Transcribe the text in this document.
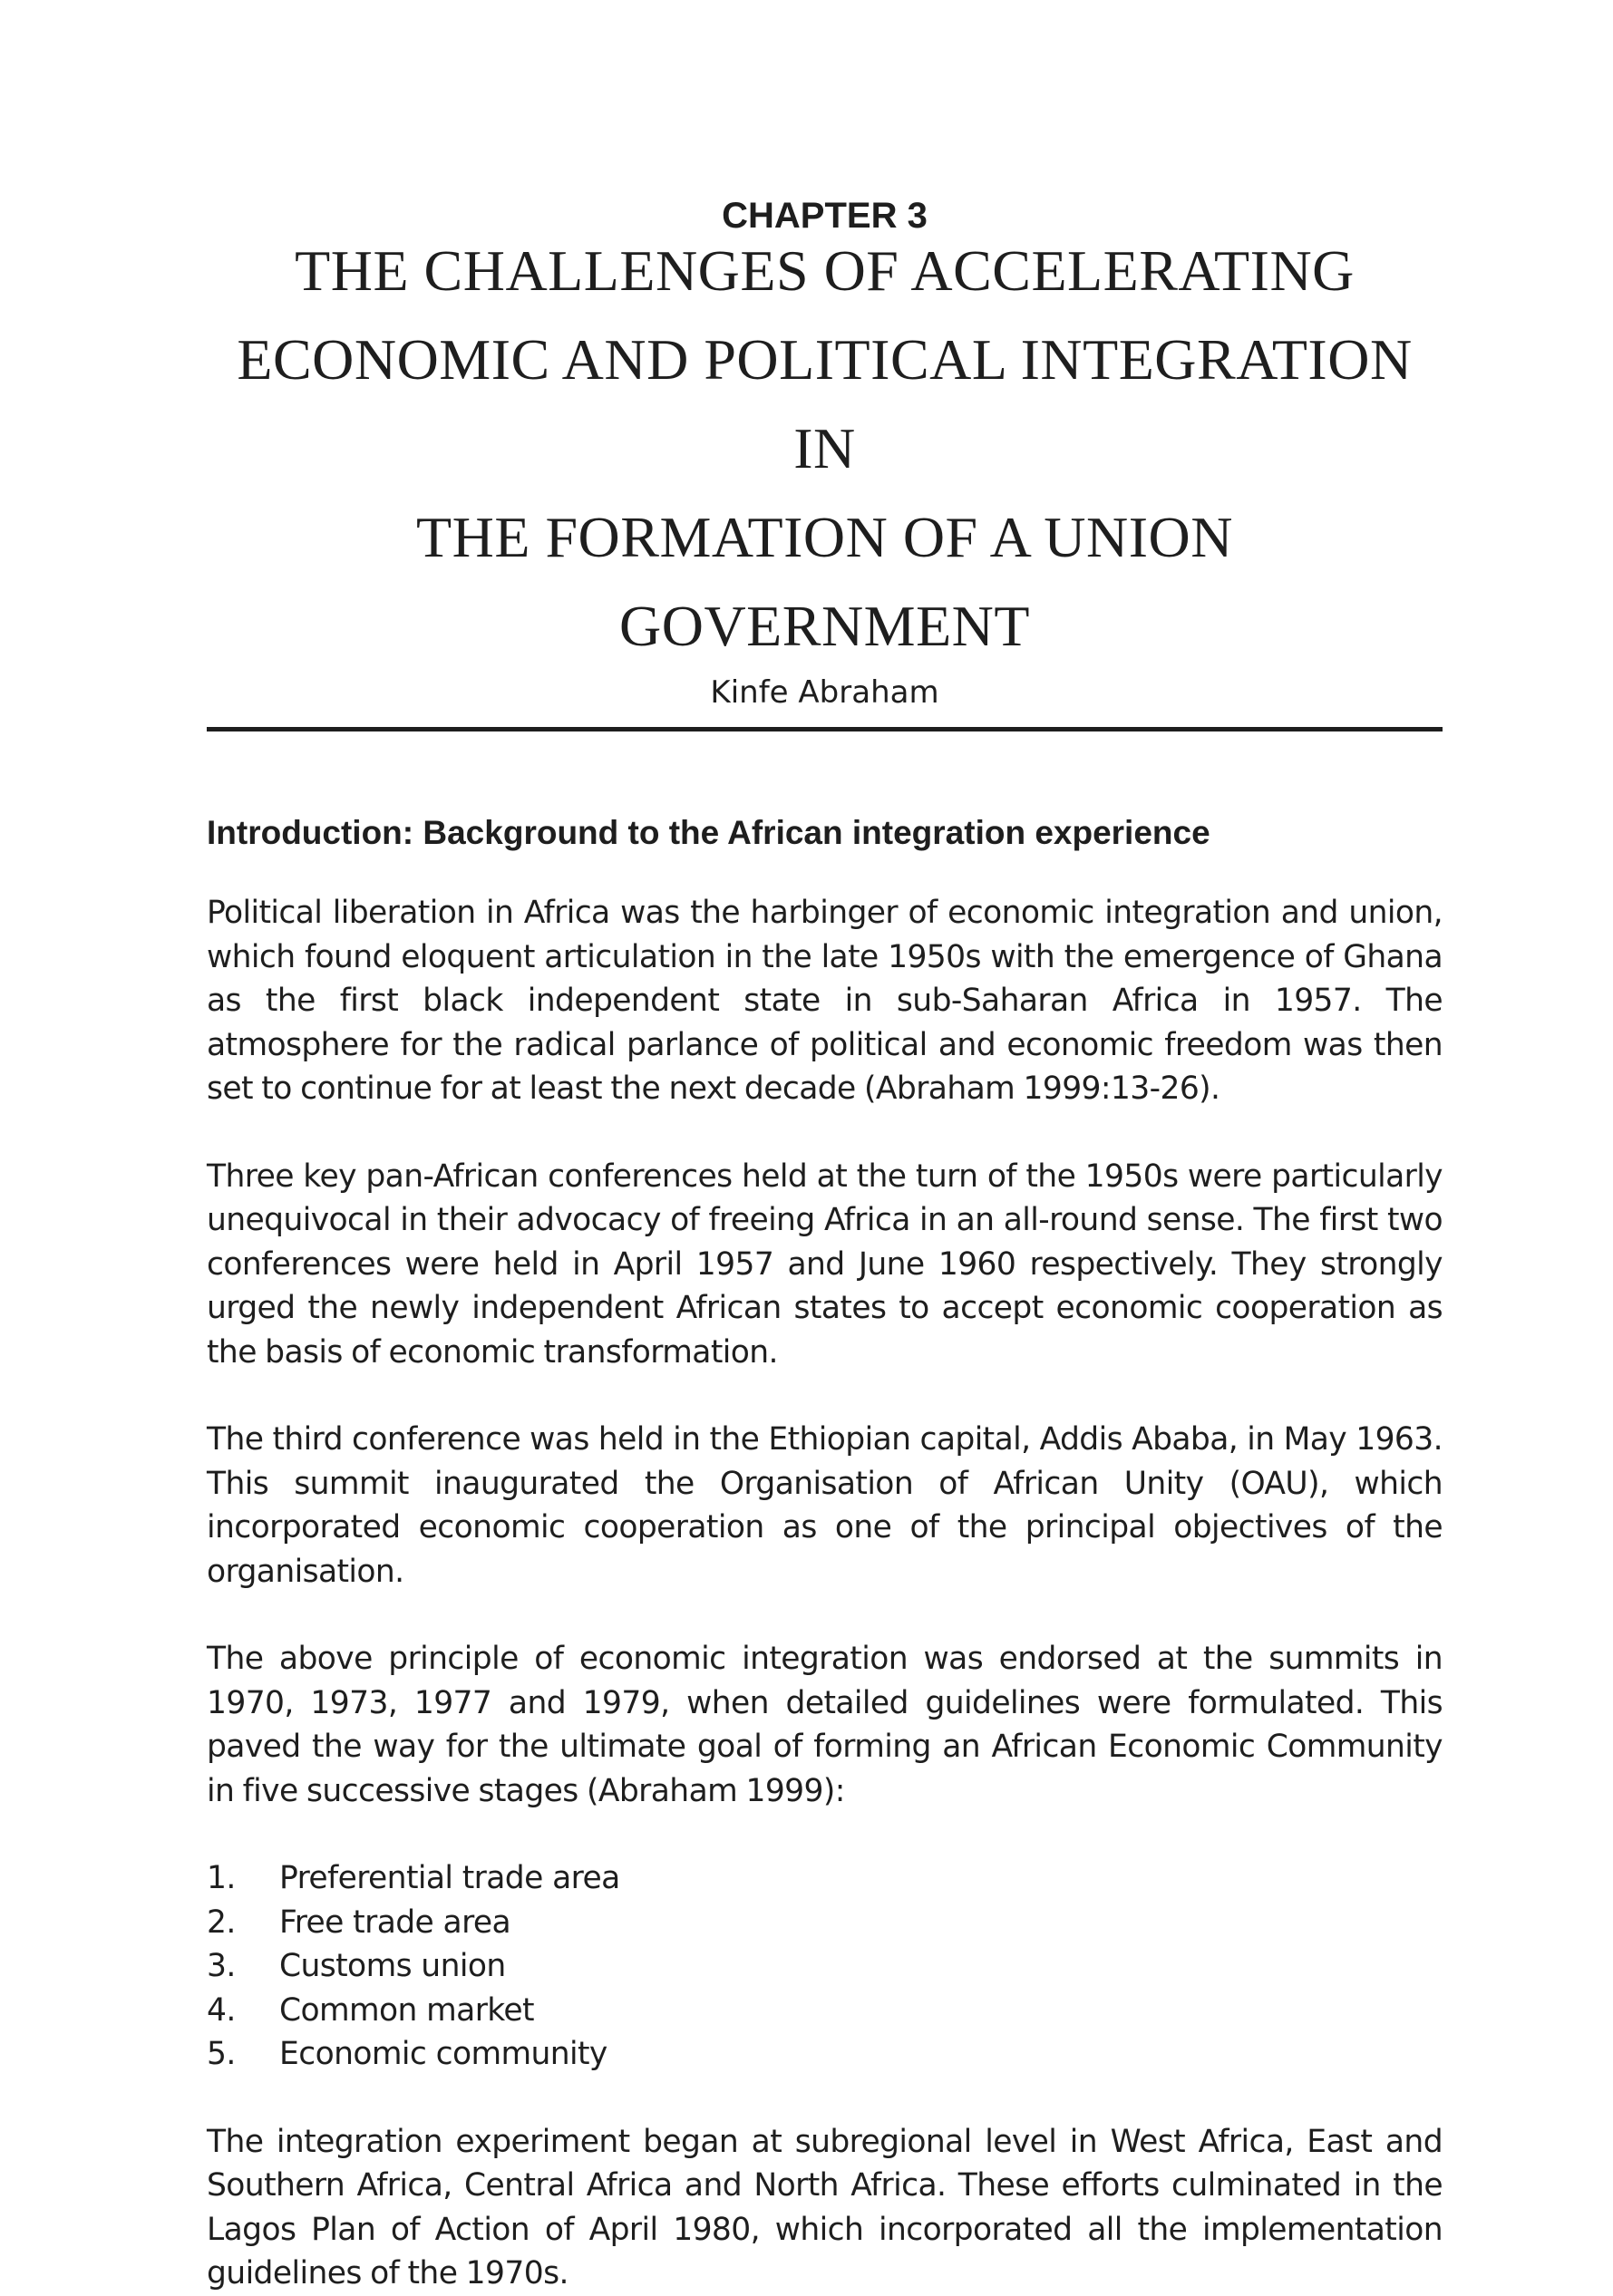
CHAPTER 3

THE CHALLENGES OF ACCELERATING
ECONOMIC AND POLITICAL INTEGRATION IN
THE FORMATION OF A UNION GOVERNMENT

Kinfe Abraham

Introduction: Background to the African integration experience

Political liberation in Africa was the harbinger of economic integration and union, which found eloquent articulation in the late 1950s with the emergence of Ghana as the first black independent state in sub-Saharan Africa in 1957. The atmosphere for the radical parlance of political and economic freedom was then set to continue for at least the next decade (Abraham 1999:13-26).

Three key pan-African conferences held at the turn of the 1950s were particularly unequivocal in their advocacy of freeing Africa in an all-round sense. The first two conferences were held in April 1957 and June 1960 respectively. They strongly urged the newly independent African states to accept economic cooperation as the basis of economic transformation.

The third conference was held in the Ethiopian capital, Addis Ababa, in May 1963. This summit inaugurated the Organisation of African Unity (OAU), which incorporated economic cooperation as one of the principal objectives of the organisation.

The above principle of economic integration was endorsed at the summits in 1970, 1973, 1977 and 1979, when detailed guidelines were formulated. This paved the way for the ultimate goal of forming an African Economic Community in five successive stages (Abraham 1999):

1.	Preferential trade area
2.	Free trade area
3.	Customs union
4.	Common market
5.	Economic community

The integration experiment began at subregional level in West Africa, East and Southern Africa, Central Africa and North Africa. These efforts culminated in the Lagos Plan of Action of April 1980, which incorporated all the implementation guidelines of the 1970s.
